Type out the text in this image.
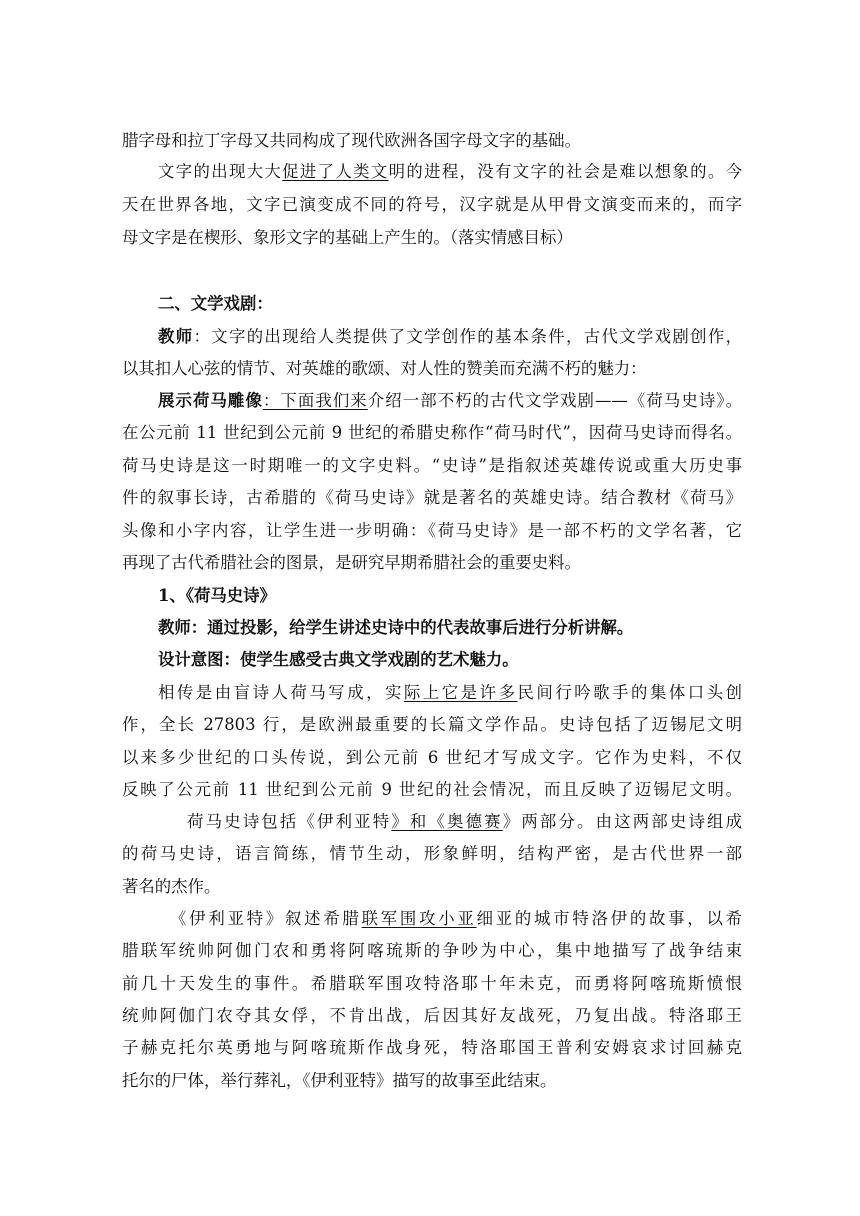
腊字母和拉丁字母又共同构成了现代欧洲各国字母文字的基础。
文字的出现大大促进了人类文明的进程，没有文字的社会是难以想象的。今
天在世界各地，文字已演变成不同的符号，汉字就是从甲骨文演变而来的，而字
母文字是在楔形、象形文字的基础上产生的。（落实情感目标）
二、文学戏剧：
教师：文字的出现给人类提供了文学创作的基本条件，古代文学戏剧创作，
以其扣人心弦的情节、对英雄的歌颂、对人性的赞美而充满不朽的魅力：
展示荷马雕像：下面我们来介绍一部不朽的古代文学戏剧——《荷马史诗》。
在公元前 11 世纪到公元前 9 世纪的希腊史称作“荷马时代”，因荷马史诗而得名。
荷马史诗是这一时期唯一的文字史料。“史诗”是指叙述英雄传说或重大历史事
件的叙事长诗，古希腊的《荷马史诗》就是著名的英雄史诗。结合教材《荷马》
头像和小字内容，让学生进一步明确：《荷马史诗》是一部不朽的文学名著，它
再现了古代希腊社会的图景，是研究早期希腊社会的重要史料。
1、《荷马史诗》
教师：通过投影，给学生讲述史诗中的代表故事后进行分析讲解。
设计意图：使学生感受古典文学戏剧的艺术魅力。
相传是由盲诗人荷马写成，实际上它是许多民间行吟歌手的集体口头创
作，全长 27803 行，是欧洲最重要的长篇文学作品。史诗包括了迈锡尼文明
以来多少世纪的口头传说，到公元前 6 世纪才写成文字。它作为史料，不仅
反映了公元前 11 世纪到公元前 9 世纪的社会情况，而且反映了迈锡尼文明。
荷马史诗包括《伊利亚特》和《奥德赛》两部分。由这两部史诗组成
的荷马史诗，语言简练，情节生动，形象鲜明，结构严密，是古代世界一部
著名的杰作。
《伊利亚特》叙述希腊联军围攻小亚细亚的城市特洛伊的故事，以希
腊联军统帅阿伽门农和勇将阿喀琉斯的争吵为中心，集中地描写了战争结束
前几十天发生的事件。希腊联军围攻特洛耶十年未克，而勇将阿喀琉斯愤恨
统帅阿伽门农夺其女俘，不肯出战，后因其好友战死，乃复出战。特洛耶王
子赫克托尔英勇地与阿喀琉斯作战身死，特洛耶国王普利安姆哀求讨回赫克
托尔的尸体，举行葬礼，《伊利亚特》描写的故事至此结束。
